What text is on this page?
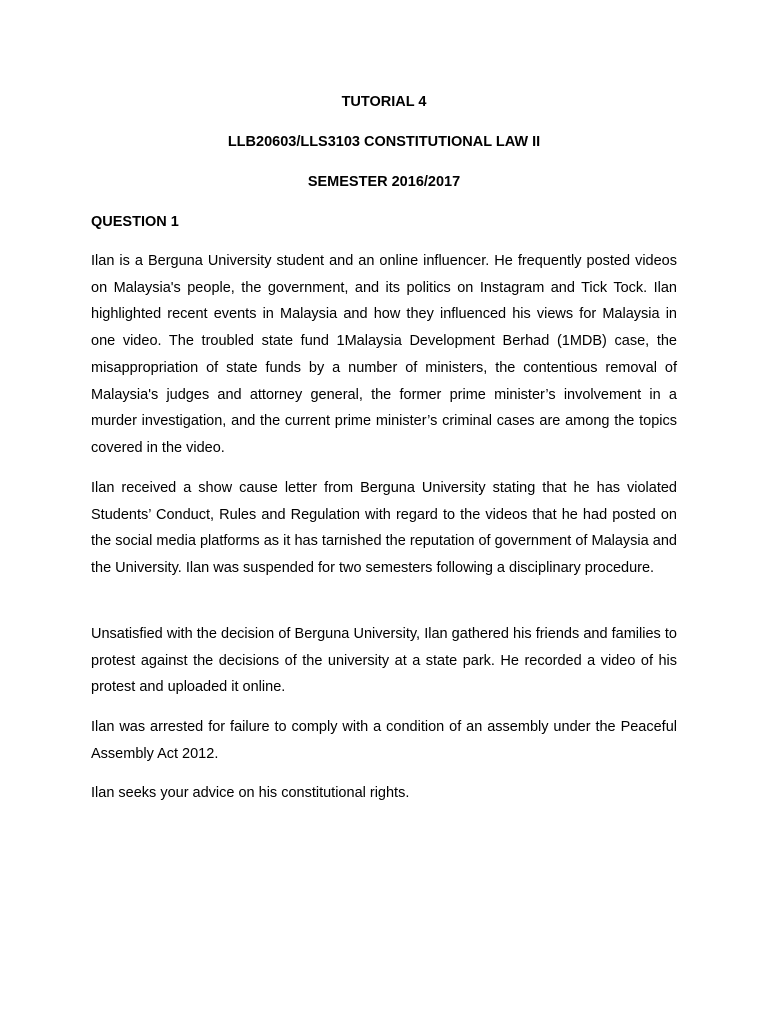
TUTORIAL 4

LLB20603/LLS3103 CONSTITUTIONAL LAW II

SEMESTER 2016/2017

QUESTION 1

Ilan is a Berguna University student and an online influencer. He frequently posted videos on Malaysia's people, the government, and its politics on Instagram and Tick Tock. Ilan highlighted recent events in Malaysia and how they influenced his views for Malaysia in one video. The troubled state fund 1Malaysia Development Berhad (1MDB) case, the misappropriation of state funds by a number of ministers, the contentious removal of Malaysia's judges and attorney general, the former prime minister’s involvement in a murder investigation, and the current prime minister’s criminal cases are among the topics covered in the video.

Ilan received a show cause letter from Berguna University stating that he has violated Students’ Conduct, Rules and Regulation with regard to the videos that he had posted on the social media platforms as it has tarnished the reputation of government of Malaysia and the University. Ilan was suspended for two semesters following a disciplinary procedure.

Unsatisfied with the decision of Berguna University, Ilan gathered his friends and families to protest against the decisions of the university at a state park. He recorded a video of his protest and uploaded it online.

Ilan was arrested for failure to comply with a condition of an assembly under the Peaceful Assembly Act 2012.

Ilan seeks your advice on his constitutional rights.
